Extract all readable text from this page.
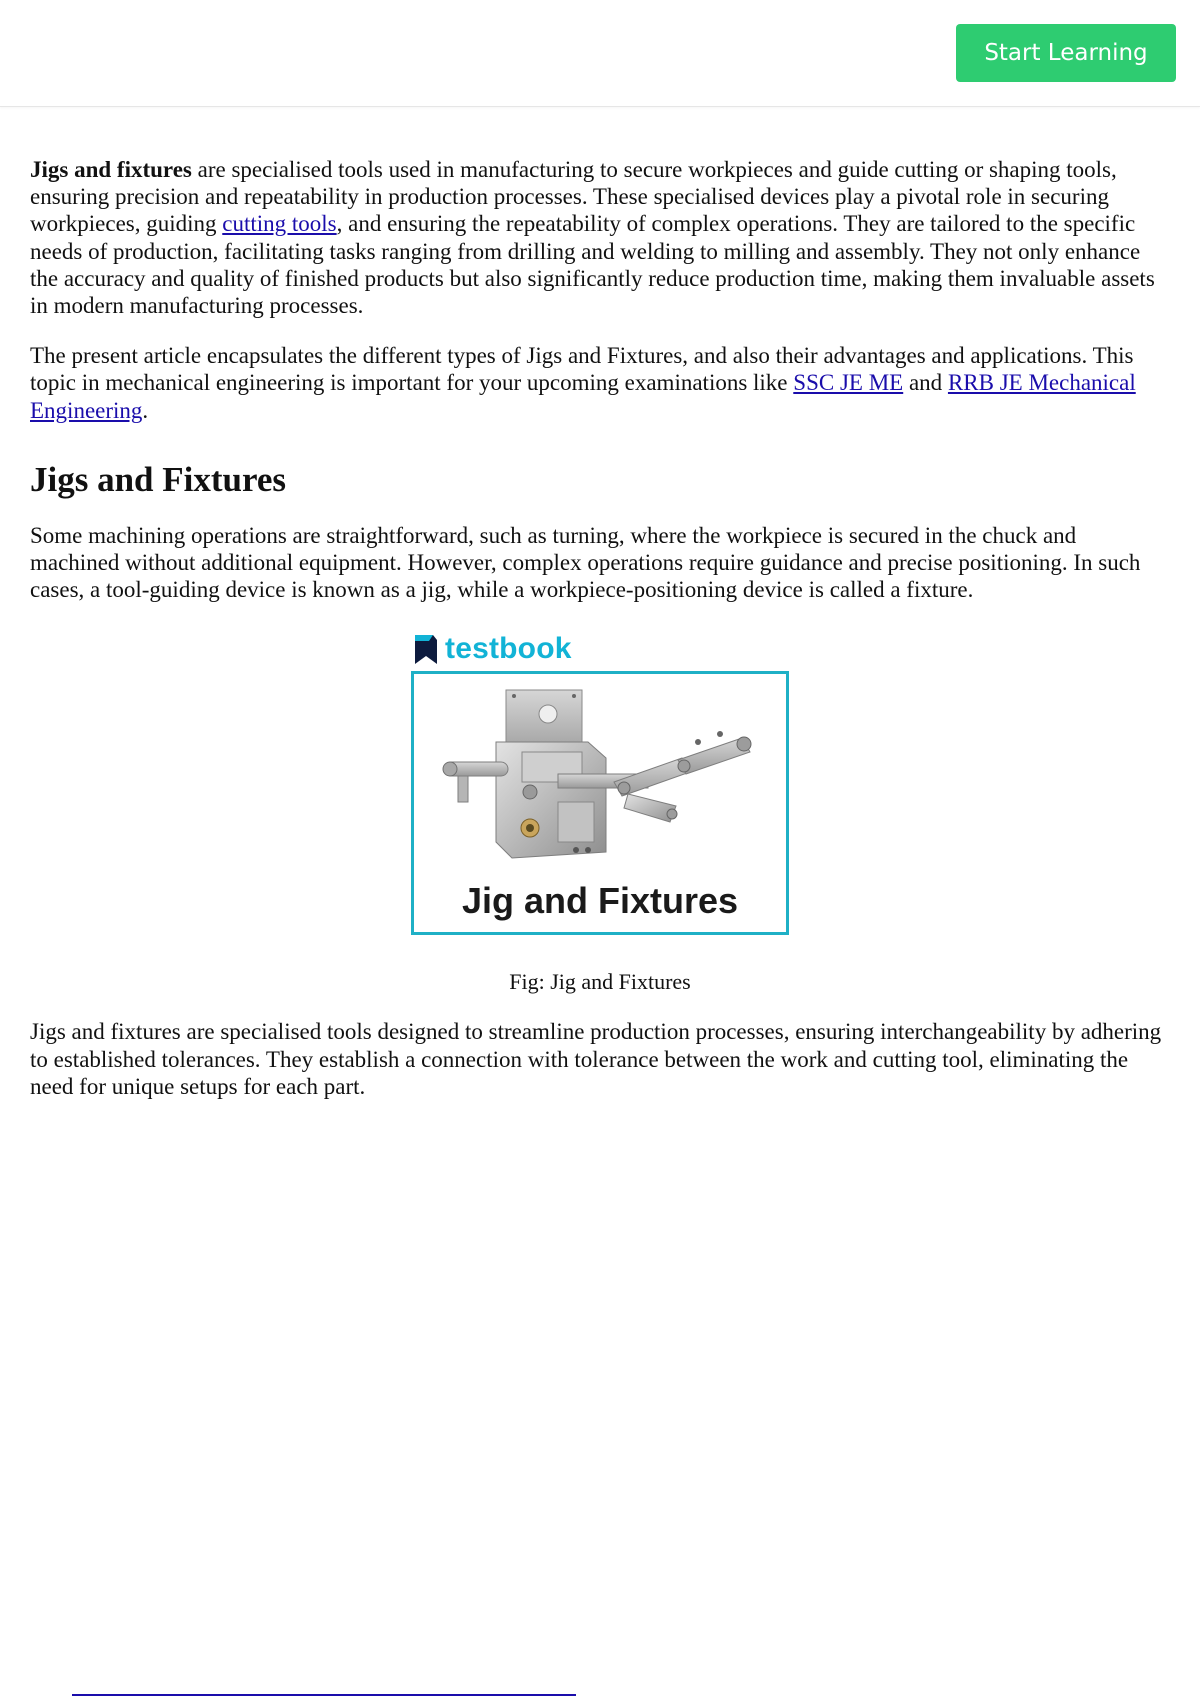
Start Learning

Jigs and fixtures are specialised tools used in manufacturing to secure workpieces and guide cutting or shaping tools, ensuring precision and repeatability in production processes. These specialised devices play a pivotal role in securing workpieces, guiding cutting tools, and ensuring the repeatability of complex operations. They are tailored to the specific needs of production, facilitating tasks ranging from drilling and welding to milling and assembly. They not only enhance the accuracy and quality of finished products but also significantly reduce production time, making them invaluable assets in modern manufacturing processes.

The present article encapsulates the different types of Jigs and Fixtures, and also their advantages and applications. This topic in mechanical engineering is important for your upcoming examinations like SSC JE ME and RRB JE Mechanical Engineering.

Jigs and Fixtures

Some machining operations are straightforward, such as turning, where the workpiece is secured in the chuck and machined without additional equipment. However, complex operations require guidance and precise positioning. In such cases, a tool-guiding device is known as a jig, while a workpiece-positioning device is called a fixture.

testbook
Jig and Fixtures
Fig: Jig and Fixtures

Jigs and fixtures are specialised tools designed to streamline production processes, ensuring interchangeability by adhering to established tolerances. They establish a connection with tolerance between the work and cutting tool, eliminating the need for unique setups for each part.
